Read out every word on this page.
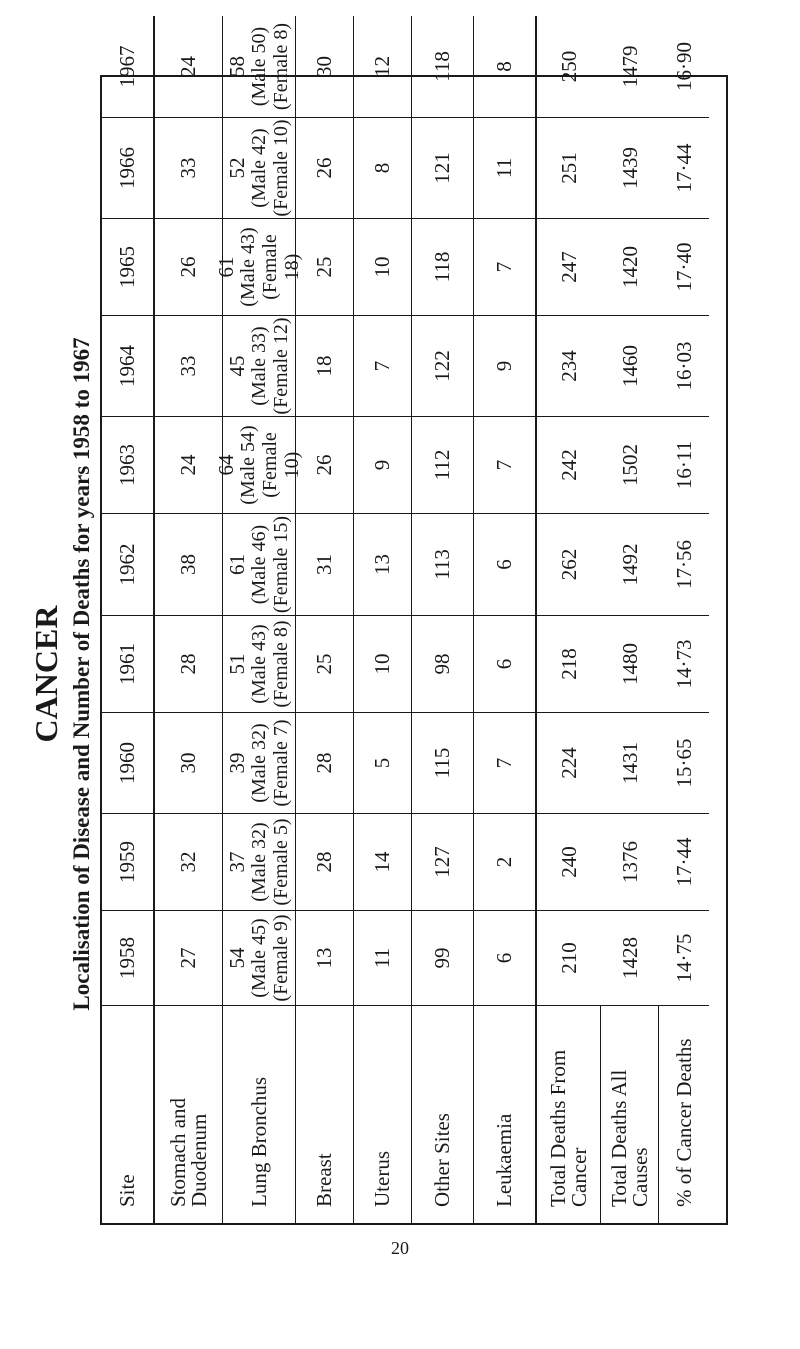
CANCER Localisation of Disease and Number of Deaths for years 1958 to 1967
Site
1958
1959
1960
1961
1962
1963
1964
1965
1966
1967
Stomach and Duodenum
27
32
30
28
38
24
33
26
33
24
Lung Bronchus
54 (Male 45) (Female 9)
37 (Male 32) (Female 5)
39 (Male 32) (Female 7)
51 (Male 43) (Female 8)
61 (Male 46) (Female 15)
64 (Male 54) (Female 10)
45 (Male 33) (Female 12)
61 (Male 43) (Female 18)
52 (Male 42) (Female 10)
58 (Male 50) (Female 8)
Breast
13
28
28
25
31
26
18
25
26
30
Uterus
11
14
5
10
13
9
7
10
8
12
Other Sites
99
127
115
98
113
112
122
118
121
118
Leukaemia
6
2
7
6
6
7
9
7
11
8
Total Deaths From Cancer
210
240
224
218
262
242
234
247
251
250
Total Deaths All Causes
1428
1376
1431
1480
1492
1502
1460
1420
1439
1479
% of Cancer Deaths
14·75
17·44
15·65
14·73
17·56
16·11
16·03
17·40
17·44
16·90
20
